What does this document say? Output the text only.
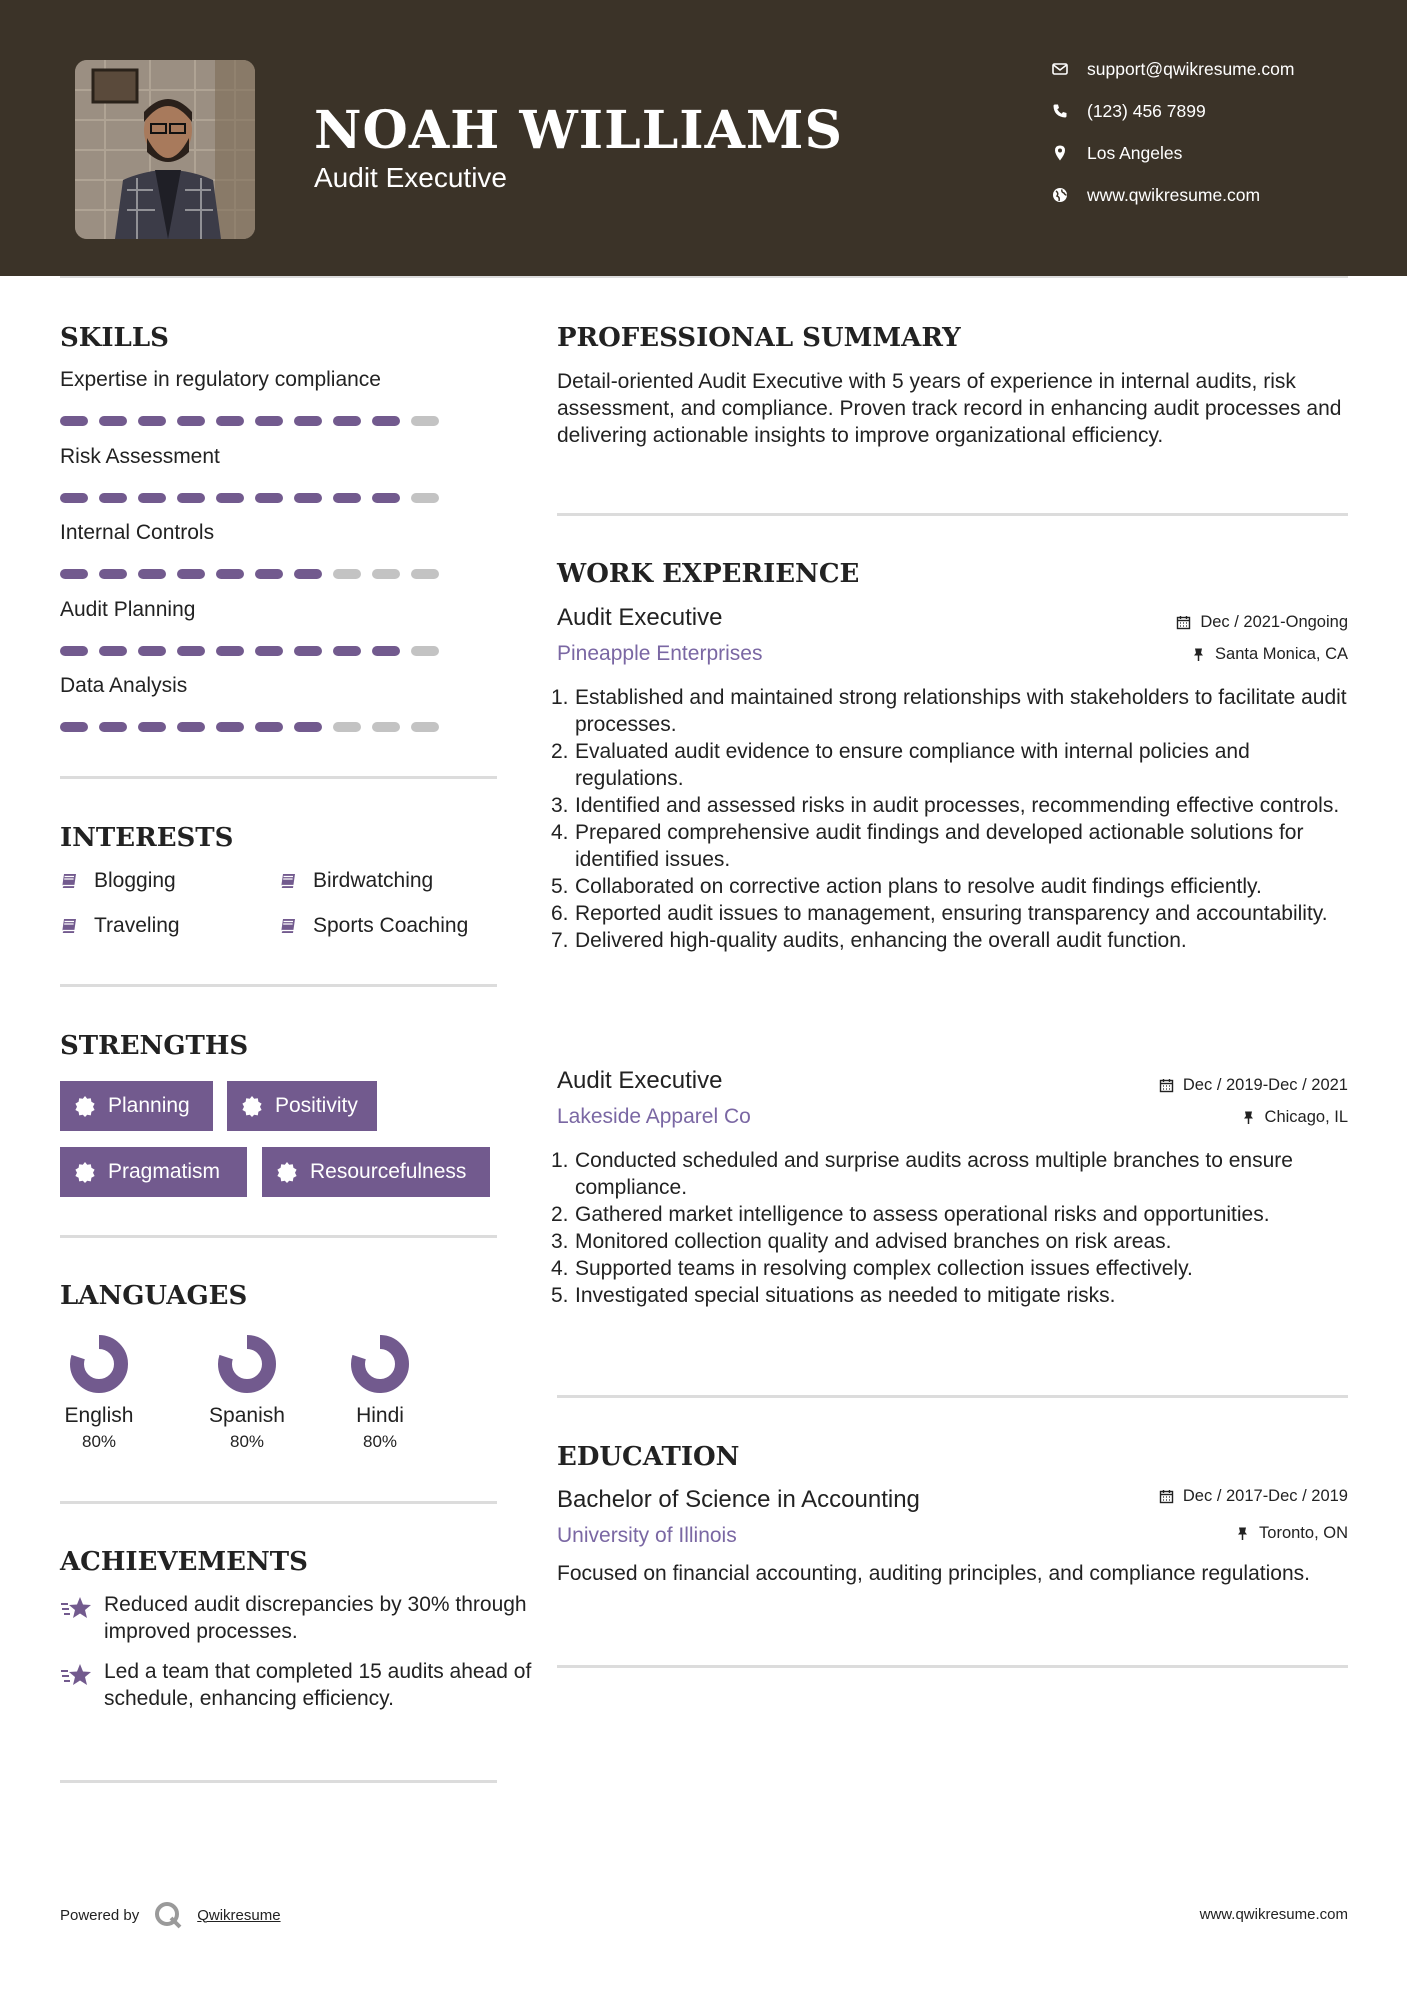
NOAH WILLIAMS
Audit Executive
support@qwikresume.com
(123) 456 7899
Los Angeles
www.qwikresume.com
SKILLS
Expertise in regulatory compliance
Risk Assessment
Internal Controls
Audit Planning
Data Analysis
INTERESTS
Blogging	Birdwatching
Traveling	Sports Coaching
STRENGTHS
Planning	Positivity
Pragmatism	Resourcefulness
LANGUAGES
English
80%
Spanish
80%
Hindi
80%
ACHIEVEMENTS
Reduced audit discrepancies by 30% through improved processes.
Led a team that completed 15 audits ahead of schedule, enhancing efficiency.
PROFESSIONAL SUMMARY
Detail-oriented Audit Executive with 5 years of experience in internal audits, risk assessment, and compliance. Proven track record in enhancing audit processes and delivering actionable insights to improve organizational efficiency.
WORK EXPERIENCE
Audit Executive	Dec / 2021-Ongoing
Pineapple Enterprises	Santa Monica, CA
1. Established and maintained strong relationships with stakeholders to facilitate audit processes.
2. Evaluated audit evidence to ensure compliance with internal policies and regulations.
3. Identified and assessed risks in audit processes, recommending effective controls.
4. Prepared comprehensive audit findings and developed actionable solutions for identified issues.
5. Collaborated on corrective action plans to resolve audit findings efficiently.
6. Reported audit issues to management, ensuring transparency and accountability.
7. Delivered high-quality audits, enhancing the overall audit function.
Audit Executive	Dec / 2019-Dec / 2021
Lakeside Apparel Co	Chicago, IL
1. Conducted scheduled and surprise audits across multiple branches to ensure compliance.
2. Gathered market intelligence to assess operational risks and opportunities.
3. Monitored collection quality and advised branches on risk areas.
4. Supported teams in resolving complex collection issues effectively.
5. Investigated special situations as needed to mitigate risks.
EDUCATION
Bachelor of Science in Accounting	Dec / 2017-Dec / 2019
University of Illinois	Toronto, ON
Focused on financial accounting, auditing principles, and compliance regulations.
Powered by	Qwikresume	www.qwikresume.com
